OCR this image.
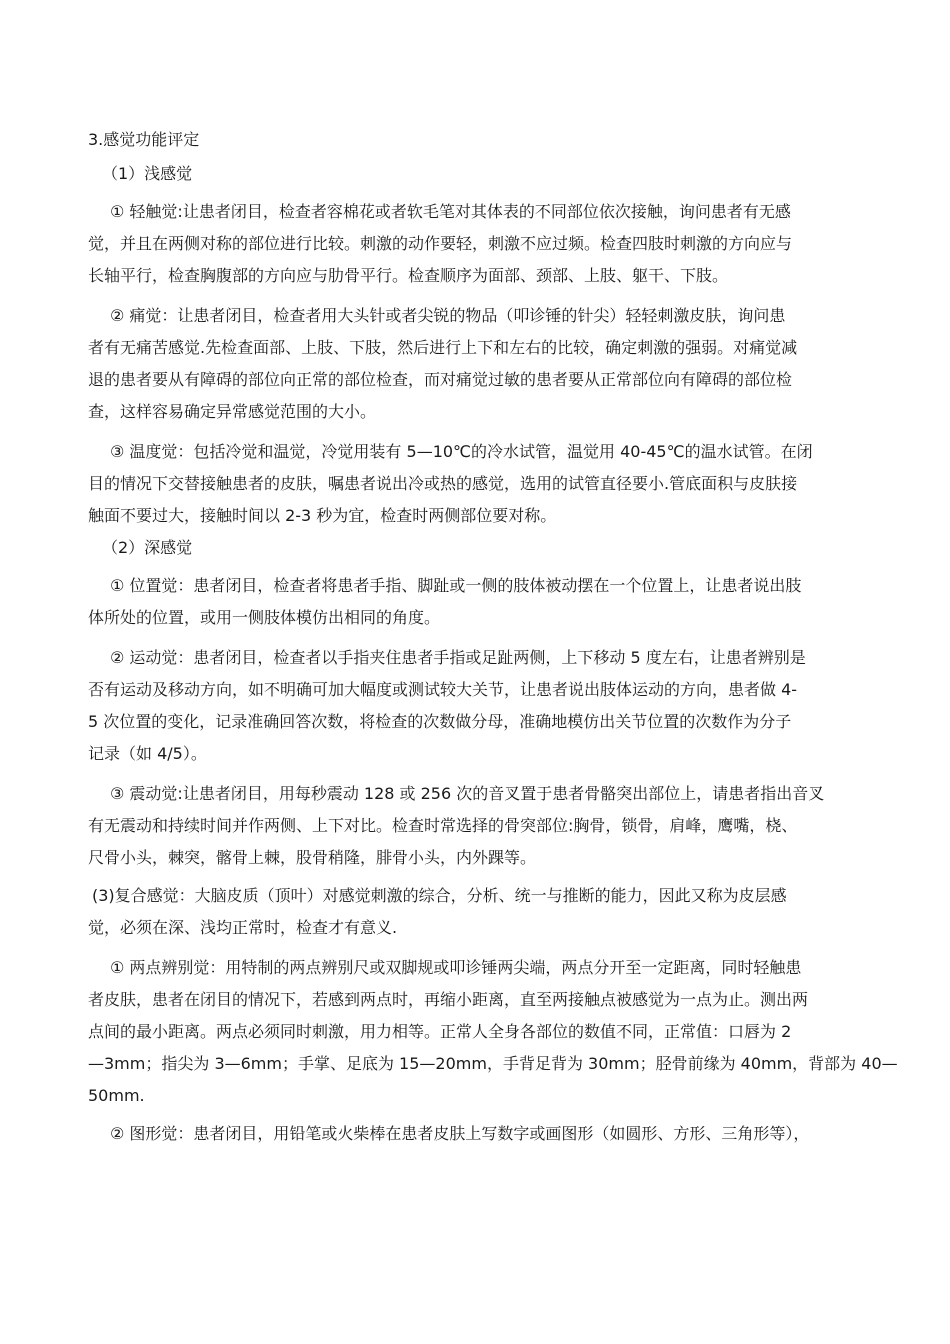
3.感觉功能评定

（1）浅感觉

① 轻触觉:让患者闭目，检查者容棉花或者软毛笔对其体表的不同部位依次接触，询问患者有无感

觉，并且在两侧对称的部位进行比较。刺激的动作要轻，刺激不应过频。检查四肢时刺激的方向应与

长轴平行，检查胸腹部的方向应与肋骨平行。检查顺序为面部、颈部、上肢、躯干、下肢。

② 痛觉：让患者闭目，检查者用大头针或者尖锐的物品（叩诊锤的针尖）轻轻刺激皮肤，询问患

者有无痛苦感觉.先检查面部、上肢、下肢，然后进行上下和左右的比较，确定刺激的强弱。对痛觉减

退的患者要从有障碍的部位向正常的部位检查，而对痛觉过敏的患者要从正常部位向有障碍的部位检

查，这样容易确定异常感觉范围的大小。

③ 温度觉：包括冷觉和温觉，冷觉用装有 5—10℃的冷水试管，温觉用 40-45℃的温水试管。在闭

目的情况下交替接触患者的皮肤，嘱患者说出冷或热的感觉，选用的试管直径要小.管底面积与皮肤接

触面不要过大，接触时间以 2-3 秒为宜，检查时两侧部位要对称。

（2）深感觉

① 位置觉：患者闭目，检查者将患者手指、脚趾或一侧的肢体被动摆在一个位置上，让患者说出肢

体所处的位置，或用一侧肢体模仿出相同的角度。

② 运动觉：患者闭目，检查者以手指夹住患者手指或足趾两侧，上下移动 5 度左右，让患者辨别是

否有运动及移动方向，如不明确可加大幅度或测试较大关节，让患者说出肢体运动的方向，患者做 4-

5 次位置的变化，记录准确回答次数，将检查的次数做分母，准确地模仿出关节位置的次数作为分子

记录（如 4/5）。

③ 震动觉:让患者闭目，用每秒震动 128 或 256 次的音叉置于患者骨骼突出部位上，请患者指出音叉

有无震动和持续时间并作两侧、上下对比。检查时常选择的骨突部位:胸骨，锁骨，肩峰，鹰嘴，桡、

尺骨小头，棘突，髂骨上棘，股骨稍隆，腓骨小头，内外踝等。

(3)复合感觉：大脑皮质（顶叶）对感觉刺激的综合，分析、统一与推断的能力，因此又称为皮层感

觉，必须在深、浅均正常时，检查才有意义.

① 两点辨别觉：用特制的两点辨别尺或双脚规或叩诊锤两尖端，两点分开至一定距离，同时轻触患

者皮肤，患者在闭目的情况下，若感到两点时，再缩小距离，直至两接触点被感觉为一点为止。测出两

点间的最小距离。两点必须同时刺激，用力相等。正常人全身各部位的数值不同，正常值：口唇为 2

—3mm；指尖为 3—6mm；手掌、足底为 15—20mm，手背足背为 30mm；胫骨前缘为 40mm，背部为 40—

50mm.

② 图形觉：患者闭目，用铅笔或火柴棒在患者皮肤上写数字或画图形（如圆形、方形、三角形等），
